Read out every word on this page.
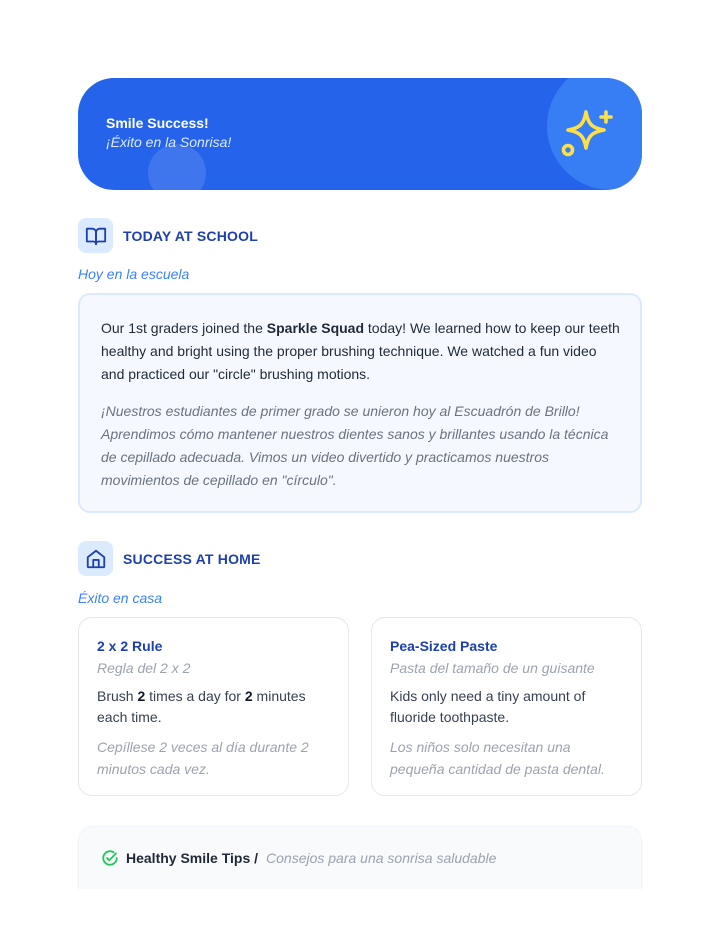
Smile Success!
¡Éxito en la Sonrisa!
TODAY AT SCHOOL
Hoy en la escuela

Our 1st graders joined the Sparkle Squad today! We learned how to keep our teeth healthy and bright using the proper brushing technique. We watched a fun video and practiced our "circle" brushing motions.

¡Nuestros estudiantes de primer grado se unieron hoy al Escuadrón de Brillo! Aprendimos cómo mantener nuestros dientes sanos y brillantes usando la técnica de cepillado adecuada. Vimos un video divertido y practicamos nuestros movimientos de cepillado en "círculo".

SUCCESS AT HOME
Éxito en casa
2 x 2 Rule
Regla del 2 x 2

Brush 2 times a day for 2 minutes each time.

Cepíllese 2 veces al día durante 2 minutos cada vez.

Pea-Sized Paste
Pasta del tamaño de un guisante

Kids only need a tiny amount of fluoride toothpaste.

Los niños solo necesitan una pequeña cantidad de pasta dental.

Healthy Smile Tips / Consejos para una sonrisa saludable
